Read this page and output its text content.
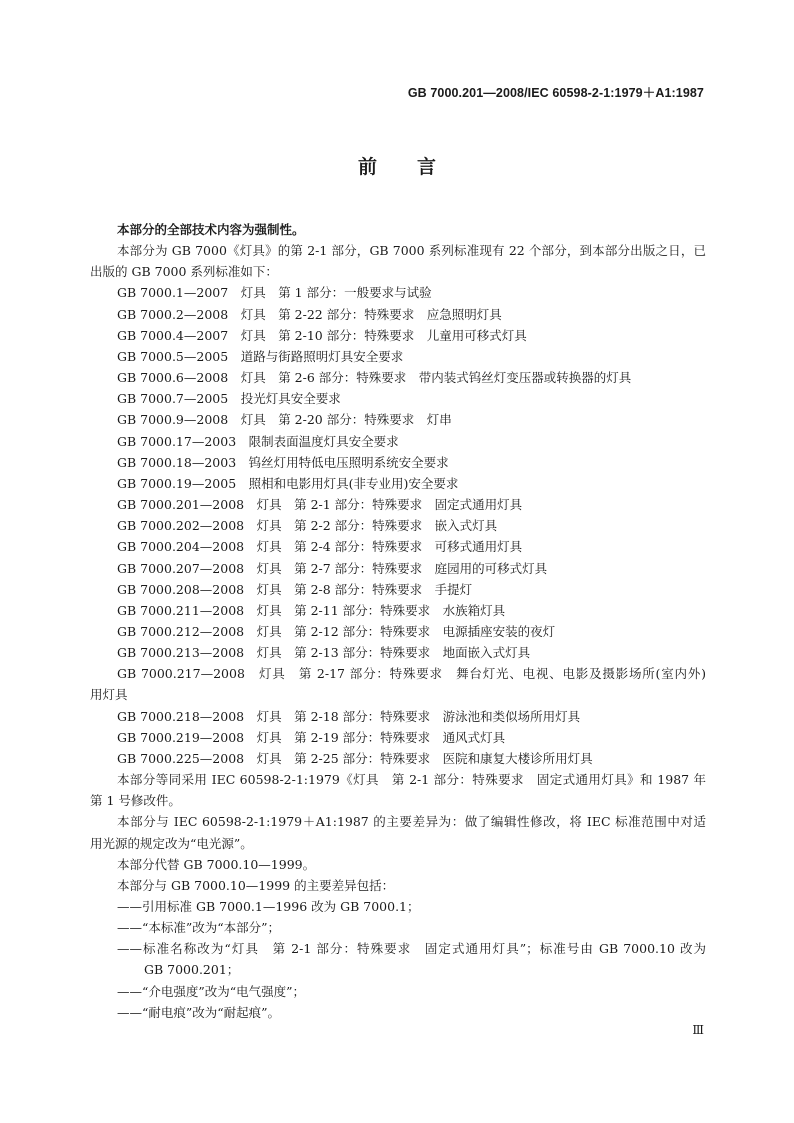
GB 7000.201—2008/IEC 60598-2-1:1979＋A1:1987
前 言

本部分的全部技术内容为强制性。

本部分为 GB 7000《灯具》的第 2-1 部分，GB 7000 系列标准现有 22 个部分，到本部分出版之日，已

出版的 GB 7000 系列标准如下：

GB 7000.1—2007　灯具　第 1 部分：一般要求与试验

GB 7000.2—2008　灯具　第 2-22 部分：特殊要求　应急照明灯具

GB 7000.4—2007　灯具　第 2-10 部分：特殊要求　儿童用可移式灯具

GB 7000.5—2005　道路与街路照明灯具安全要求

GB 7000.6—2008　灯具　第 2-6 部分：特殊要求　带内装式钨丝灯变压器或转换器的灯具

GB 7000.7—2005　投光灯具安全要求

GB 7000.9—2008　灯具　第 2-20 部分：特殊要求　灯串

GB 7000.17—2003　限制表面温度灯具安全要求

GB 7000.18—2003　钨丝灯用特低电压照明系统安全要求

GB 7000.19—2005　照相和电影用灯具(非专业用)安全要求

GB 7000.201—2008　灯具　第 2-1 部分：特殊要求　固定式通用灯具

GB 7000.202—2008　灯具　第 2-2 部分：特殊要求　嵌入式灯具

GB 7000.204—2008　灯具　第 2-4 部分：特殊要求　可移式通用灯具

GB 7000.207—2008　灯具　第 2-7 部分：特殊要求　庭园用的可移式灯具

GB 7000.208—2008　灯具　第 2-8 部分：特殊要求　手提灯

GB 7000.211—2008　灯具　第 2-11 部分：特殊要求　水族箱灯具

GB 7000.212—2008　灯具　第 2-12 部分：特殊要求　电源插座安装的夜灯

GB 7000.213—2008　灯具　第 2-13 部分：特殊要求　地面嵌入式灯具

GB 7000.217—2008　灯具　第 2-17 部分：特殊要求　舞台灯光、电视、电影及摄影场所(室内外)

用灯具

GB 7000.218—2008　灯具　第 2-18 部分：特殊要求　游泳池和类似场所用灯具

GB 7000.219—2008　灯具　第 2-19 部分：特殊要求　通风式灯具

GB 7000.225—2008　灯具　第 2-25 部分：特殊要求　医院和康复大楼诊所用灯具

本部分等同采用 IEC 60598-2-1:1979《灯具　第 2-1 部分：特殊要求　固定式通用灯具》和 1987 年

第 1 号修改件。

本部分与 IEC 60598-2-1:1979＋A1:1987 的主要差异为：做了编辑性修改，将 IEC 标准范围中对适

用光源的规定改为“电光源”。

本部分代替 GB 7000.10—1999。

本部分与 GB 7000.10—1999 的主要差异包括：

——引用标准 GB 7000.1—1996 改为 GB 7000.1；

——“本标准”改为“本部分”；

——标准名称改为“灯具　第 2-1 部分：特殊要求　固定式通用灯具”；标准号由 GB 7000.10 改为

GB 7000.201；

——“介电强度”改为“电气强度”；

——“耐电痕”改为“耐起痕”。

Ⅲ
